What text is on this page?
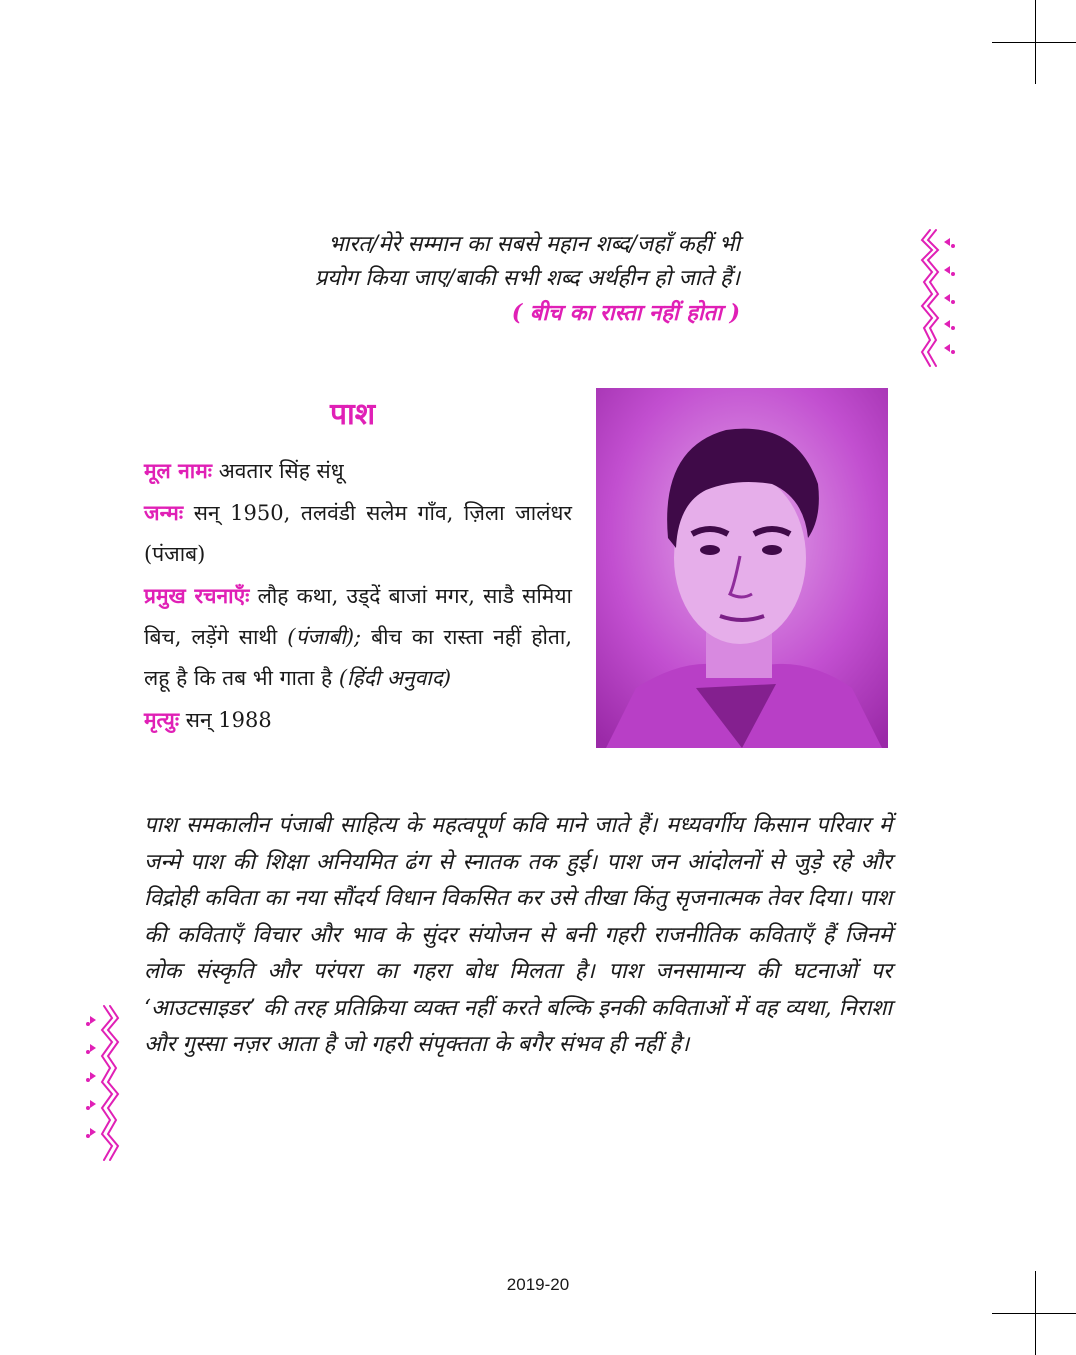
भारत/मेरे सम्मान का सबसे महान शब्द/जहाँ कहीं भी
प्रयोग किया जाए/बाकी सभी शब्द अर्थहीन हो जाते हैं।
( बीच का रास्ता नहीं होता )
पाश

मूल नामः अवतार सिंह संधू

जन्मः सन् 1950, तलवंडी सलेम गाँव, ज़िला जालंधर (पंजाब)

प्रमुख रचनाएँः लौह कथा, उड्दें बाजां मगर, साडै समिया बिच, लड़ेंगे साथी (पंजाबी); बीच का रास्ता नहीं होता, लहू है कि तब भी गाता है (हिंदी अनुवाद)

मृत्युः सन् 1988

पाश समकालीन पंजाबी साहित्य के महत्वपूर्ण कवि माने जाते हैं। मध्यवर्गीय किसान परिवार में जन्मे पाश की शिक्षा अनियमित ढंग से स्नातक तक हुई। पाश जन आंदोलनों से जुड़े रहे और विद्रोही कविता का नया सौंदर्य विधान विकसित कर उसे तीखा किंतु सृजनात्मक तेवर दिया। पाश की कविताएँ विचार और भाव के सुंदर संयोजन से बनी गहरी राजनीतिक कविताएँ हैं जिनमें लोक संस्कृति और परंपरा का गहरा बोध मिलता है। पाश जनसामान्य की घटनाओं पर ‘आउटसाइडर’ की तरह प्रतिक्रिया व्यक्त नहीं करते बल्कि इनकी कविताओं में वह व्यथा, निराशा और गुस्सा नज़र आता है जो गहरी संपृक्तता के बगैर संभव ही नहीं है।

2019-20
